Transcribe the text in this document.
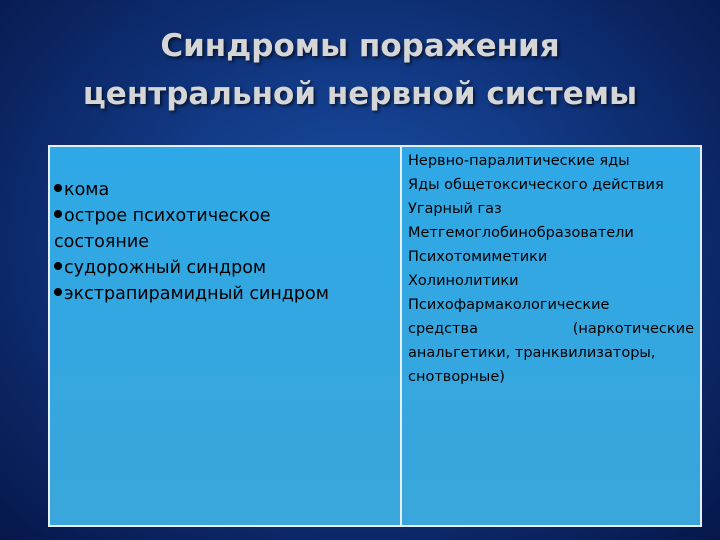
Синдромы поражения
центральной нервной системы
кома
острое психотическое
состояние
судорожный синдром
экстрапирамидный синдром
Нервно-паралитические яды
Яды общетоксического действия
Угарный газ
Метгемоглобинобразователи
Психотомиметики
Холинолитики
Психофармакологические
средства (наркотические
анальгетики, транквилизаторы,
снотворные)
